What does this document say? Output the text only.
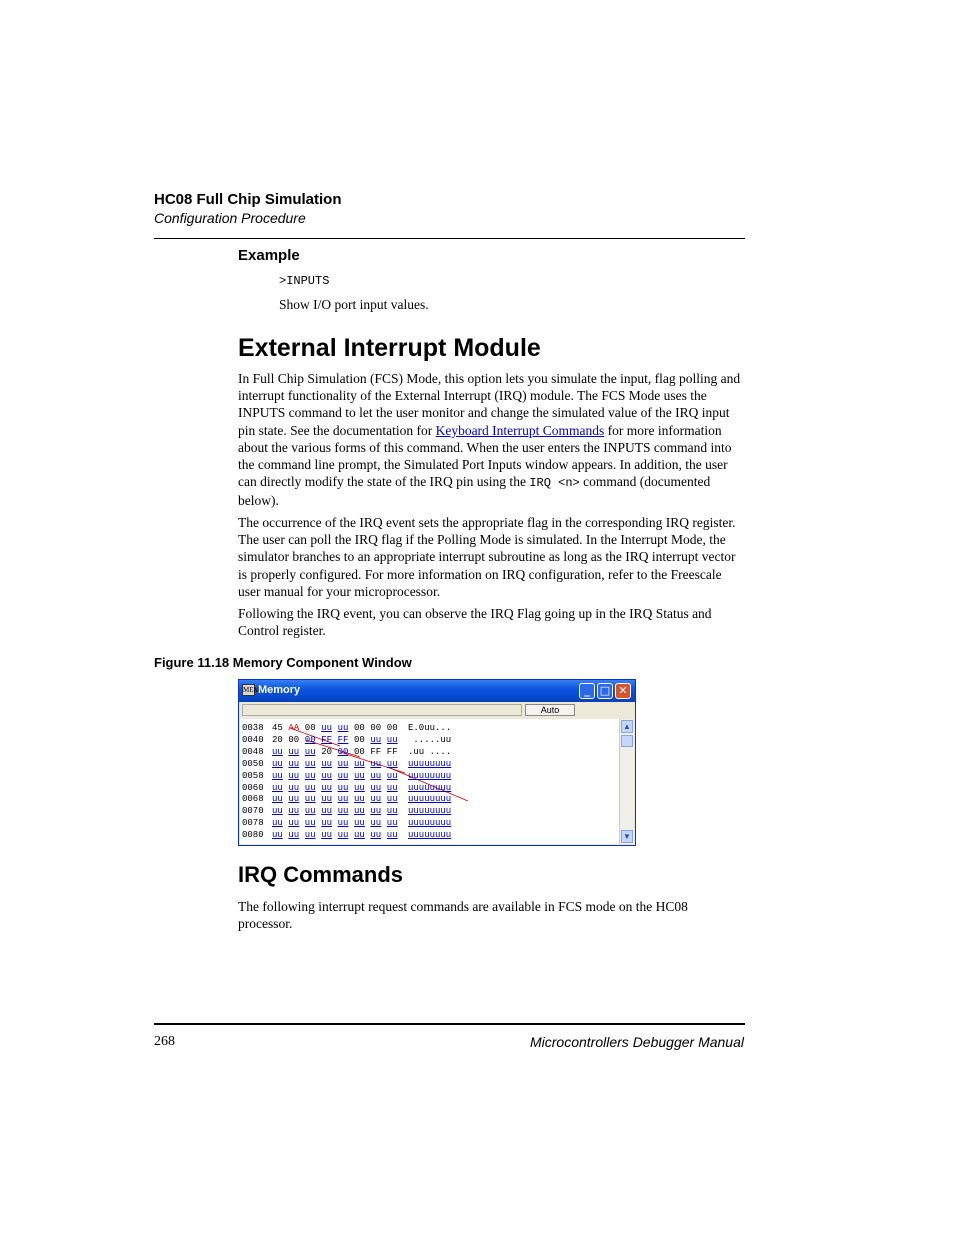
HC08 Full Chip Simulation
Configuration Procedure
Example
>INPUTS
Show I/O port input values.
External Interrupt Module
In Full Chip Simulation (FCS) Mode, this option lets you simulate the input, flag polling and interrupt functionality of the External Interrupt (IRQ) module. The FCS Mode uses the INPUTS command to let the user monitor and change the simulated value of the IRQ input pin state. See the documentation for Keyboard Interrupt Commands for more information about the various forms of this command. When the user enters the INPUTS command into the command line prompt, the Simulated Port Inputs window appears. In addition, the user can directly modify the state of the IRQ pin using the IRQ <n> command (documented below).
The occurrence of the IRQ event sets the appropriate flag in the corresponding IRQ register. The user can poll the IRQ flag if the Polling Mode is simulated. In the Interrupt Mode, the simulator branches to an appropriate interrupt subroutine as long as the IRQ interrupt vector is properly configured. For more information on IRQ configuration, refer to the Freescale user manual for your microprocessor.
Following the IRQ event, you can observe the IRQ Flag going up in the IRQ Status and Control register.
Figure 11.18 Memory Component Window
MEM
Memory	_ □ ✕
Auto
0038 45 AA 00 uu uu 00 00 00 E.0uu...
0040 20 00 00 FF FF 00 uu uu .....uu
0048 uu uu uu 20 00 00 FF FF .uu ....
0050 uu uu uu uu uu uu uu uu uuuuuuuu
0058 uu uu uu uu uu uu uu uu uuuuuuuu
0060 uu uu uu uu uu uu uu uu uuuuuuuu
0068 uu uu uu uu uu uu uu uu uuuuuuuu
0070 uu uu uu uu uu uu uu uu uuuuuuuu
0078 uu uu uu uu uu uu uu uu uuuuuuuu
0080 uu uu uu uu uu uu uu uu uuuuuuuu
▲
▼
IRQ Commands
The following interrupt request commands are available in FCS mode on the HC08 processor.
268	Microcontrollers Debugger Manual
